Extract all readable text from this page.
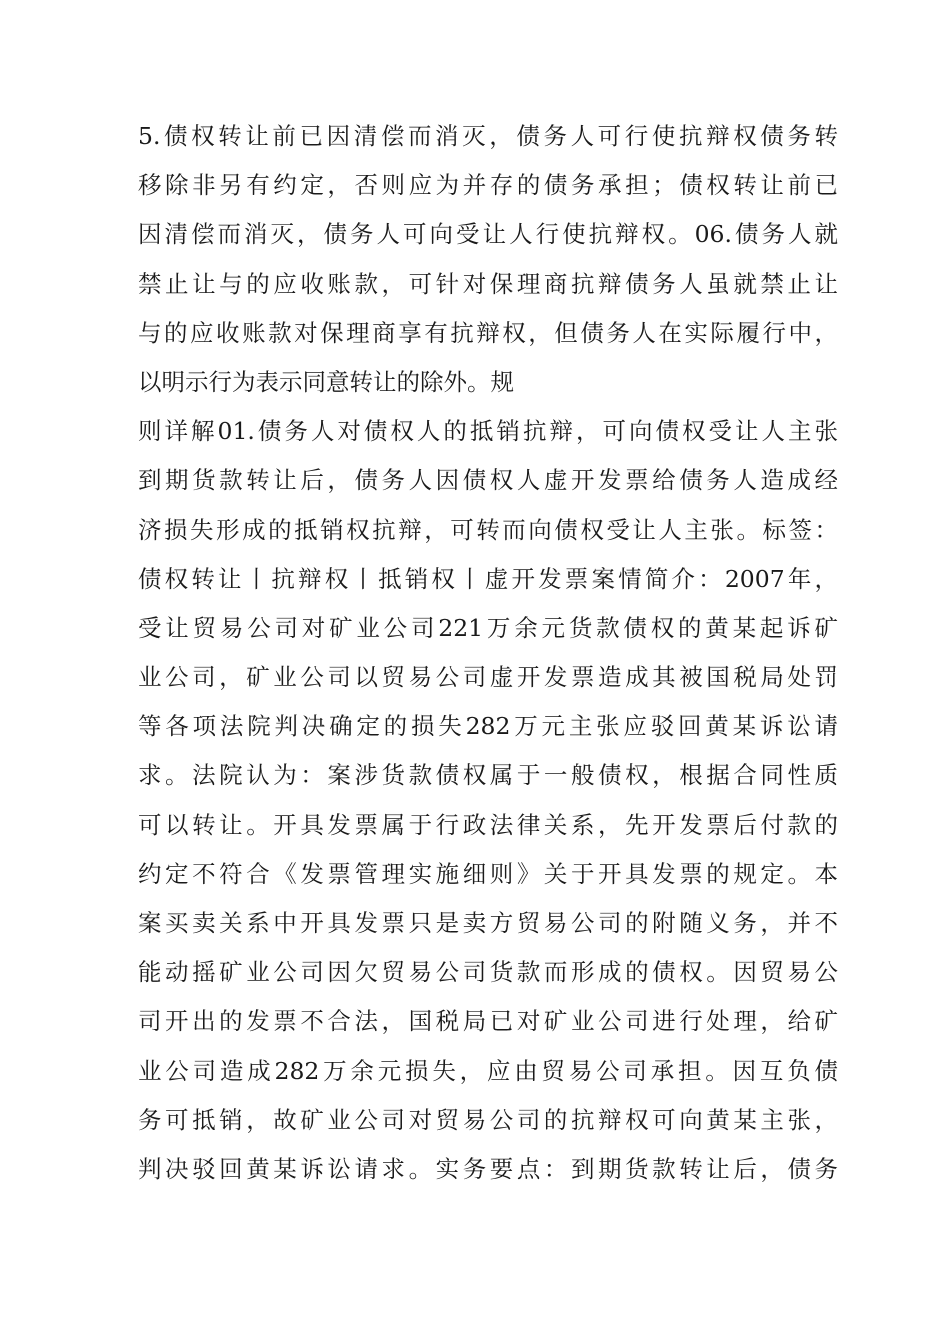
5.债权转让前已因清偿而消灭，债务人可行使抗辩权债务转
移除非另有约定，否则应为并存的债务承担；债权转让前已
因清偿而消灭，债务人可向受让人行使抗辩权。06.债务人就
禁止让与的应收账款，可针对保理商抗辩债务人虽就禁止让
与的应收账款对保理商享有抗辩权，但债务人在实际履行中，
以明示行为表示同意转让的除外。规
则详解01.债务人对债权人的抵销抗辩，可向债权受让人主张
到期货款转让后，债务人因债权人虚开发票给债务人造成经
济损失形成的抵销权抗辩，可转而向债权受让人主张。标签：
债权转让丨抗辩权丨抵销权丨虚开发票案情简介：2007年，
受让贸易公司对矿业公司221万余元货款债权的黄某起诉矿
业公司，矿业公司以贸易公司虚开发票造成其被国税局处罚
等各项法院判决确定的损失282万元主张应驳回黄某诉讼请
求。法院认为：案涉货款债权属于一般债权，根据合同性质
可以转让。开具发票属于行政法律关系，先开发票后付款的
约定不符合《发票管理实施细则》关于开具发票的规定。本
案买卖关系中开具发票只是卖方贸易公司的附随义务，并不
能动摇矿业公司因欠贸易公司货款而形成的债权。因贸易公
司开出的发票不合法，国税局已对矿业公司进行处理，给矿
业公司造成282万余元损失，应由贸易公司承担。因互负债
务可抵销，故矿业公司对贸易公司的抗辩权可向黄某主张，
判决驳回黄某诉讼请求。实务要点：到期货款转让后，债务
